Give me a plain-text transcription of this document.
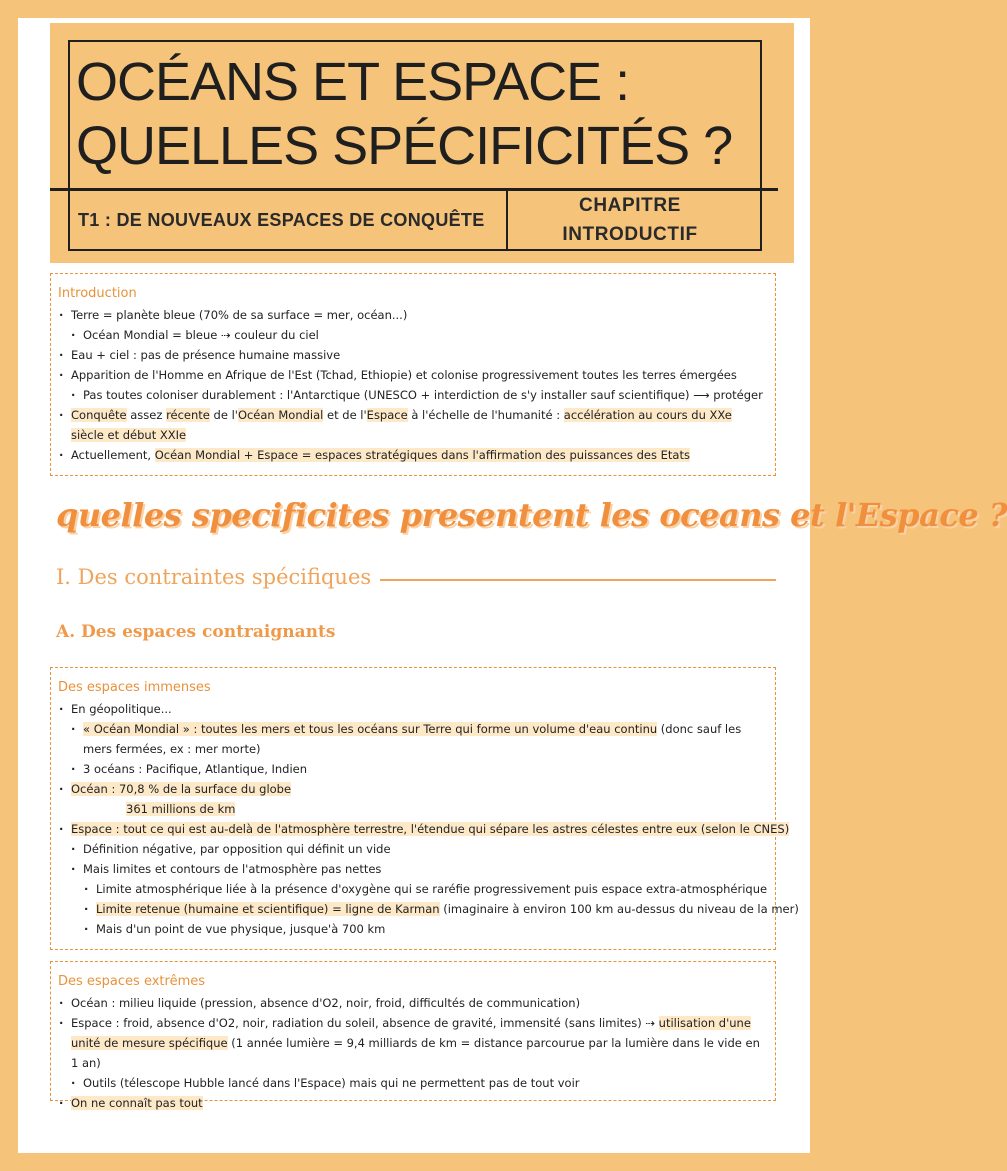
OCÉANS ET ESPACE :
QUELLES SPÉCIFICITÉS ?
T1 : DE NOUVEAUX ESPACES DE CONQUÊTE
CHAPITRE
INTRODUCTIF
Introduction
· Terre = planète bleue (70% de sa surface = mer, océan...)
· Océan Mondial = bleue ⇢ couleur du ciel
· Eau + ciel : pas de présence humaine massive
· Apparition de l'Homme en Afrique de l'Est (Tchad, Ethiopie) et colonise progressivement toutes les terres émergées
· Pas toutes coloniser durablement : l'Antarctique (UNESCO + interdiction de s'y installer sauf scientifique) ⟶ protéger
· Conquête assez récente de l'Océan Mondial et de l'Espace à l'échelle de l'humanité : accélération au cours du XXe siècle et début XXIe
· Actuellement, Océan Mondial + Espace = espaces stratégiques dans l'affirmation des puissances des Etats
quelles specificites presentent les oceans et l'Espace ?
I. Des contraintes spécifiques
A. Des espaces contraignants
Des espaces immenses
· En géopolitique...
· « Océan Mondial » : toutes les mers et tous les océans sur Terre qui forme un volume d'eau continu (donc sauf les mers fermées, ex : mer morte)
· 3 océans : Pacifique, Atlantique, Indien
· Océan : 70,8 % de la surface du globe
361 millions de km
· Espace : tout ce qui est au-delà de l'atmosphère terrestre, l'étendue qui sépare les astres célestes entre eux (selon le CNES)
· Définition négative, par opposition qui définit un vide
· Mais limites et contours de l'atmosphère pas nettes
· Limite atmosphérique liée à la présence d'oxygène qui se raréfie progressivement puis espace extra-atmosphérique
· Limite retenue (humaine et scientifique) = ligne de Karman (imaginaire à environ 100 km au-dessus du niveau de la mer)
· Mais d'un point de vue physique, jusque'à 700 km
Des espaces extrêmes
· Océan : milieu liquide (pression, absence d'O2, noir, froid, difficultés de communication)
· Espace : froid, absence d'O2, noir, radiation du soleil, absence de gravité, immensité (sans limites) ⇢ utilisation d'une unité de mesure spécifique (1 année lumière = 9,4 milliards de km = distance parcourue par la lumière dans le vide en 1 an)
· Outils (télescope Hubble lancé dans l'Espace) mais qui ne permettent pas de tout voir
· On ne connaît pas tout
